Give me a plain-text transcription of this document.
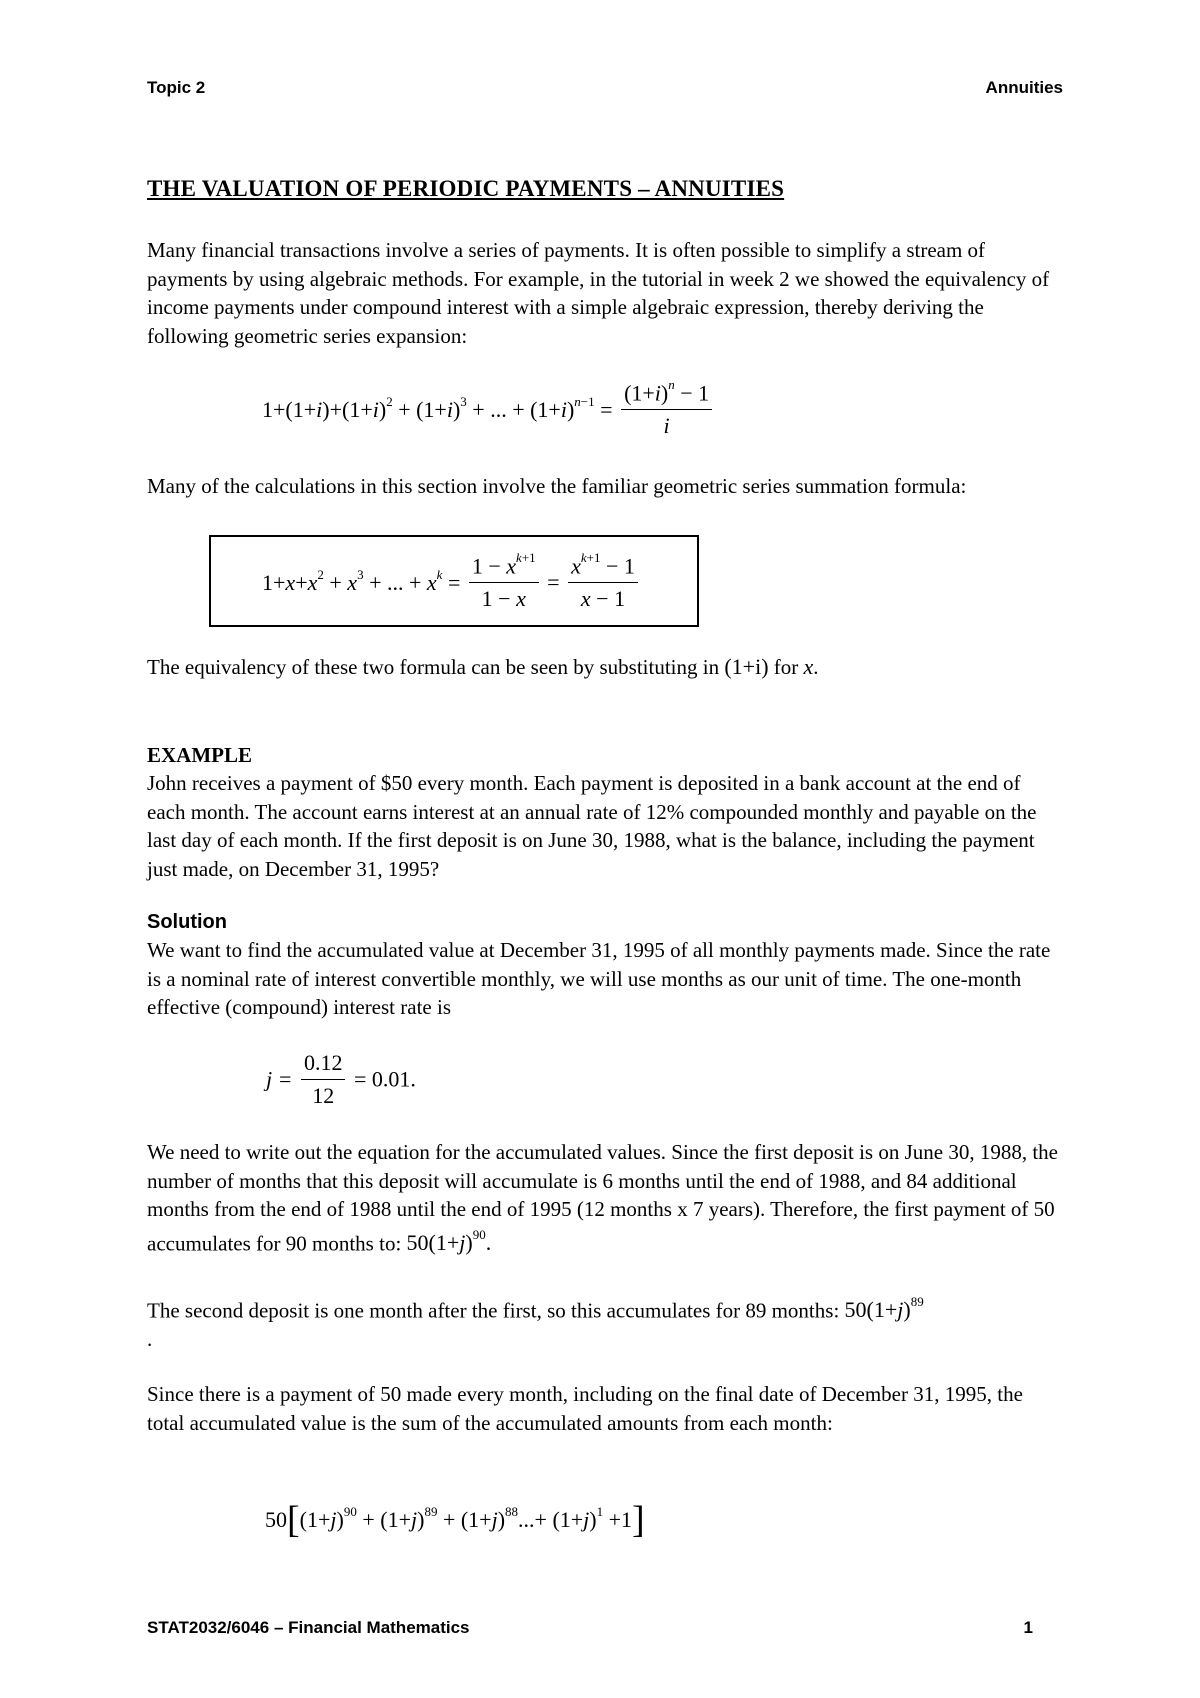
Topic 2	Annuities
THE VALUATION OF PERIODIC PAYMENTS – ANNUITIES
Many financial transactions involve a series of payments. It is often possible to simplify a stream of payments by using algebraic methods. For example, in the tutorial in week 2 we showed the equivalency of income payments under compound interest with a simple algebraic expression, thereby deriving the following geometric series expansion:
$1+(1+i)+(1+i)^2 + (1+i)^3$ + ... + $(1+i)^{n-1} = \frac{(1+i)^n - 1}{i}$
Many of the calculations in this section involve the familiar geometric series summation formula:
$1+x+x^2 + x^3$ + ... + $x^k = \frac{1 - x^{k+1}}{1 - x} = \frac{x^{k+1} - 1}{x - 1}$
The equivalency of these two formula can be seen by substituting in (1+i) for x.
EXAMPLE
John receives a payment of $50 every month. Each payment is deposited in a bank account at the end of each month. The account earns interest at an annual rate of 12% compounded monthly and payable on the last day of each month. If the first deposit is on June 30, 1988, what is the balance, including the payment just made, on December 31, 1995?
Solution
We want to find the accumulated value at December 31, 1995 of all monthly payments made. Since the rate is a nominal rate of interest convertible monthly, we will use months as our unit of time. The one-month effective (compound) interest rate is
$j = \frac{0.12}{12} = 0.01$.
We need to write out the equation for the accumulated values. Since the first deposit is on June 30, 1988, the number of months that this deposit will accumulate is 6 months until the end of 1988, and 84 additional months from the end of 1988 until the end of 1995 (12 months x 7 years). Therefore, the first payment of 50 accumulates for 90 months to: $50(1+j)^{90}$.
The second deposit is one month after the first, so this accumulates for 89 months: $50(1+j)^{89}$
.
Since there is a payment of 50 made every month, including on the final date of December 31, 1995, the total accumulated value is the sum of the accumulated amounts from each month:
$50[(1+j)^{90} + (1+j)^{89} + (1+j)^{88}...+ (1+j)^1 +1]$
STAT2032/6046 – Financial Mathematics	1
